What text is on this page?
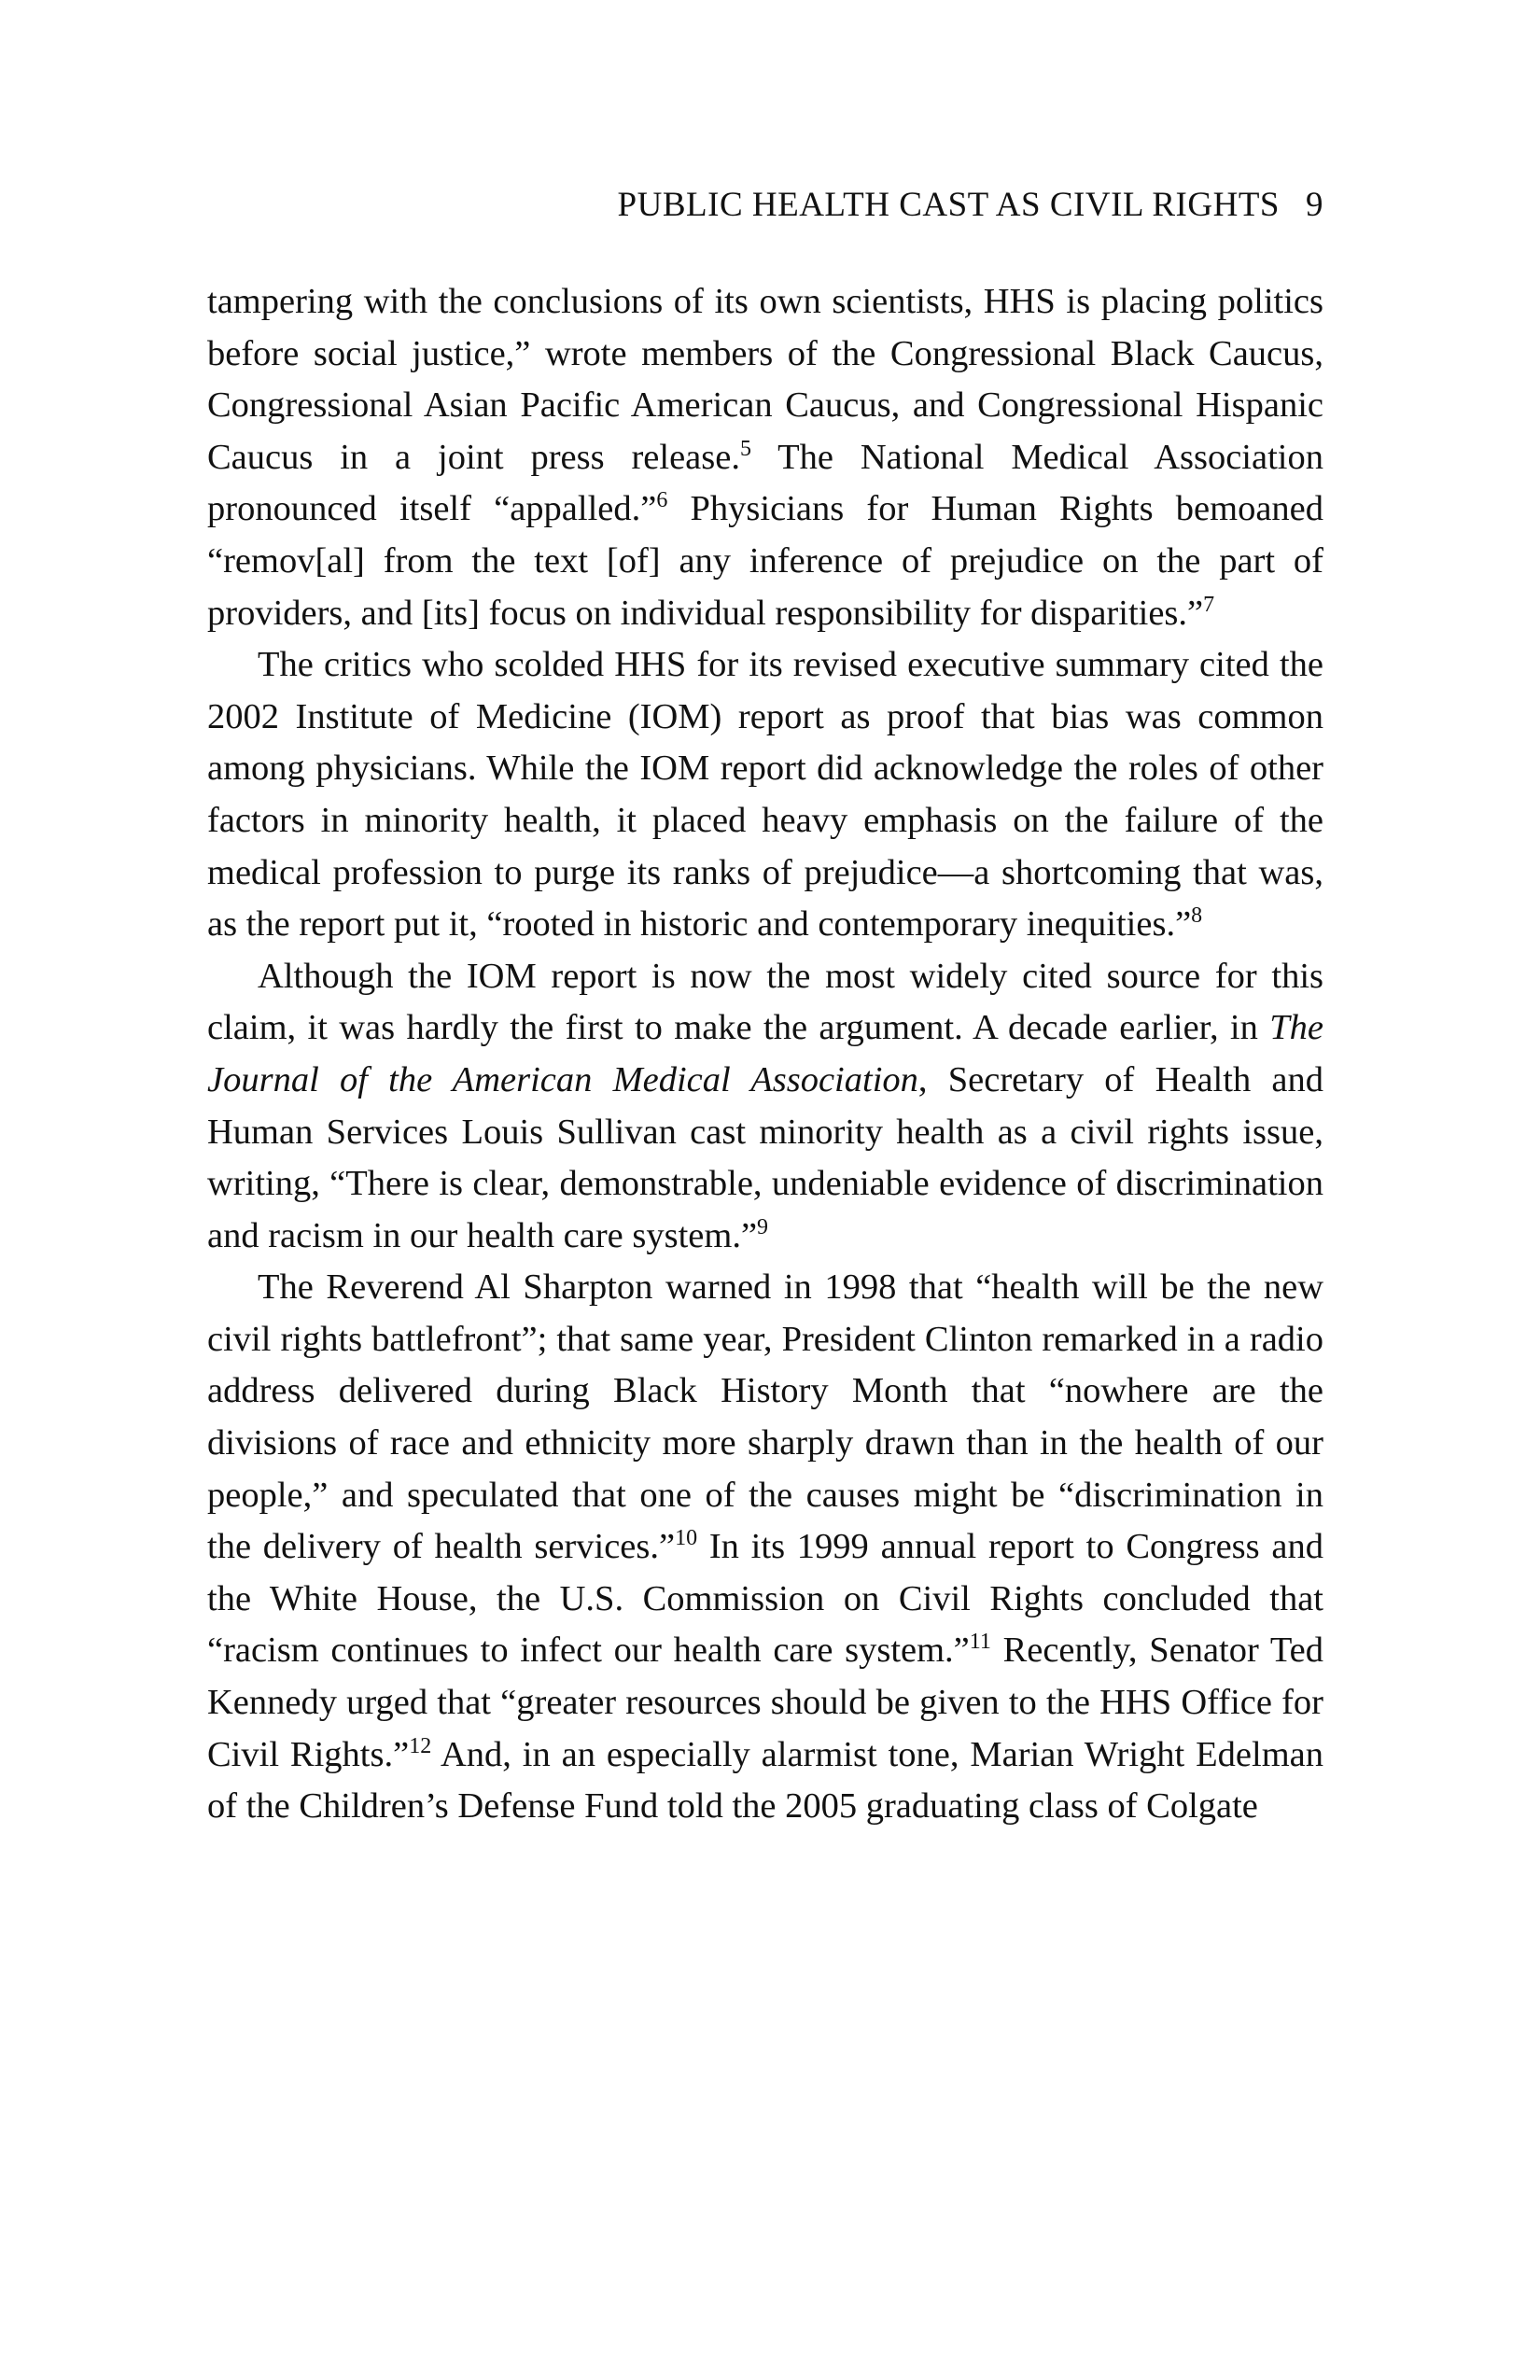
PUBLIC HEALTH CAST AS CIVIL RIGHTS 9

tampering with the conclusions of its own scientists, HHS is placing politics before social justice,” wrote members of the Congressional Black Caucus, Congressional Asian Pacific American Caucus, and Congressional Hispanic Caucus in a joint press release.$^5$ The National Medical Association pronounced itself “appalled.”$^6$ Physicians for Human Rights bemoaned “remov[al] from the text [of] any inference of prejudice on the part of providers, and [its] focus on individual responsibility for disparities.”$^7$

The critics who scolded HHS for its revised executive summary cited the 2002 Institute of Medicine (IOM) report as proof that bias was common among physicians. While the IOM report did acknowledge the roles of other factors in minority health, it placed heavy emphasis on the failure of the medical profession to purge its ranks of prejudice—a shortcoming that was, as the report put it, “rooted in historic and contemporary inequities.”$^8$

Although the IOM report is now the most widely cited source for this claim, it was hardly the first to make the argument. A decade earlier, in The Journal of the American Medical Association, Secretary of Health and Human Services Louis Sullivan cast minority health as a civil rights issue, writing, “There is clear, demonstrable, undeniable evidence of discrimination and racism in our health care system.”$^9$

The Reverend Al Sharpton warned in 1998 that “health will be the new civil rights battlefront”; that same year, President Clinton remarked in a radio address delivered during Black History Month that “nowhere are the divisions of race and ethnicity more sharply drawn than in the health of our people,” and speculated that one of the causes might be “discrimination in the delivery of health services.”$^{10}$ In its 1999 annual report to Congress and the White House, the U.S. Commission on Civil Rights concluded that “racism continues to infect our health care system.”$^{11}$ Recently, Senator Ted Kennedy urged that “greater resources should be given to the HHS Office for Civil Rights.”$^{12}$ And, in an especially alarmist tone, Marian Wright Edelman of the Children’s Defense Fund told the 2005 graduating class of Colgate
